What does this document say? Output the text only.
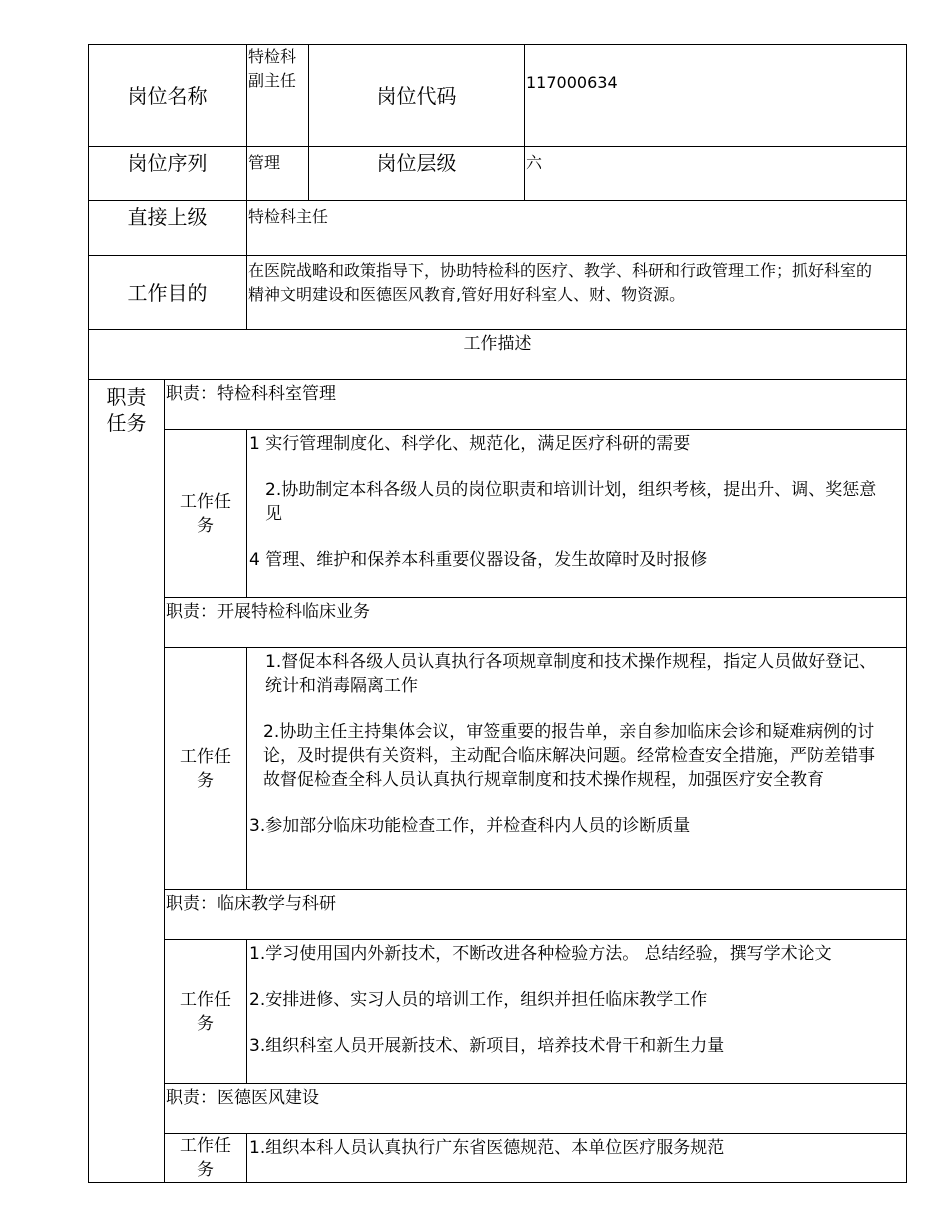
岗位名称		特检科副主任	岗位代码	117000634
岗位序列		管理	岗位层级	六
直接上级		特检科主任		
工作目的		在医院战略和政策指导下，协助特检科的医疗、教学、科研和行政管理工作；抓好科室的精神文明建设和医德医风教育,管好用好科室人、财、物资源。		
工作描述				

职责任务	职责：特检科科室管理			

	工作任务	1 实行管理制度化、科学化、规范化，满足医疗科研的需要

2.协助制定本科各级人员的岗位职责和培训计划，组织考核，提出升、调、奖惩意见

4 管理、维护和保养本科重要仪器设备，发生故障时及时报修		

	职责：开展特检科临床业务			

	工作任务	1.督促本科各级人员认真执行各项规章制度和技术操作规程，指定人员做好登记、统计和消毒隔离工作

2.协助主任主持集体会议，审签重要的报告单，亲自参加临床会诊和疑难病例的讨论，及时提供有关资料，主动配合临床解决问题。经常检查安全措施，严防差错事故督促检查全科人员认真执行规章制度和技术操作规程，加强医疗安全教育

3.参加部分临床功能检查工作，并检查科内人员的诊断质量		

	职责：临床教学与科研			

	工作任务	1.学习使用国内外新技术，不断改进各种检验方法。 总结经验，撰写学术论文

2.安排进修、实习人员的培训工作，组织并担任临床教学工作

3.组织科室人员开展新技术、新项目，培养技术骨干和新生力量		

	职责：医德医风建设			

	工作任务	1.组织本科人员认真执行广东省医德规范、本单位医疗服务规范		
